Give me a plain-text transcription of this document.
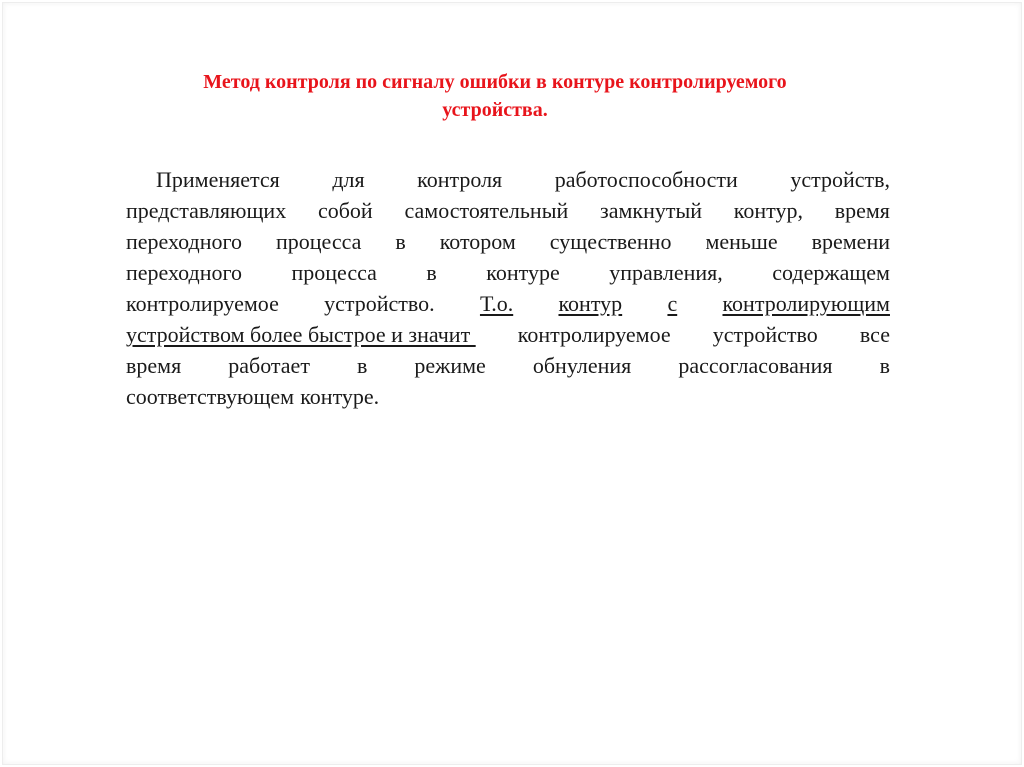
Метод контроля по сигналу ошибки в контуре контролируемого
устройства.
Применяется для контроля работоспособности устройств,
представляющих собой самостоятельный замкнутый контур, время
переходного процесса в котором существенно меньше времени
переходного процесса в контуре управления, содержащем
контролируемое устройство. Т.о. контур с контролирующим
устройством более быстрое и значит контролируемое устройство все
время работает в режиме обнуления рассогласования в
соответствующем контуре.
